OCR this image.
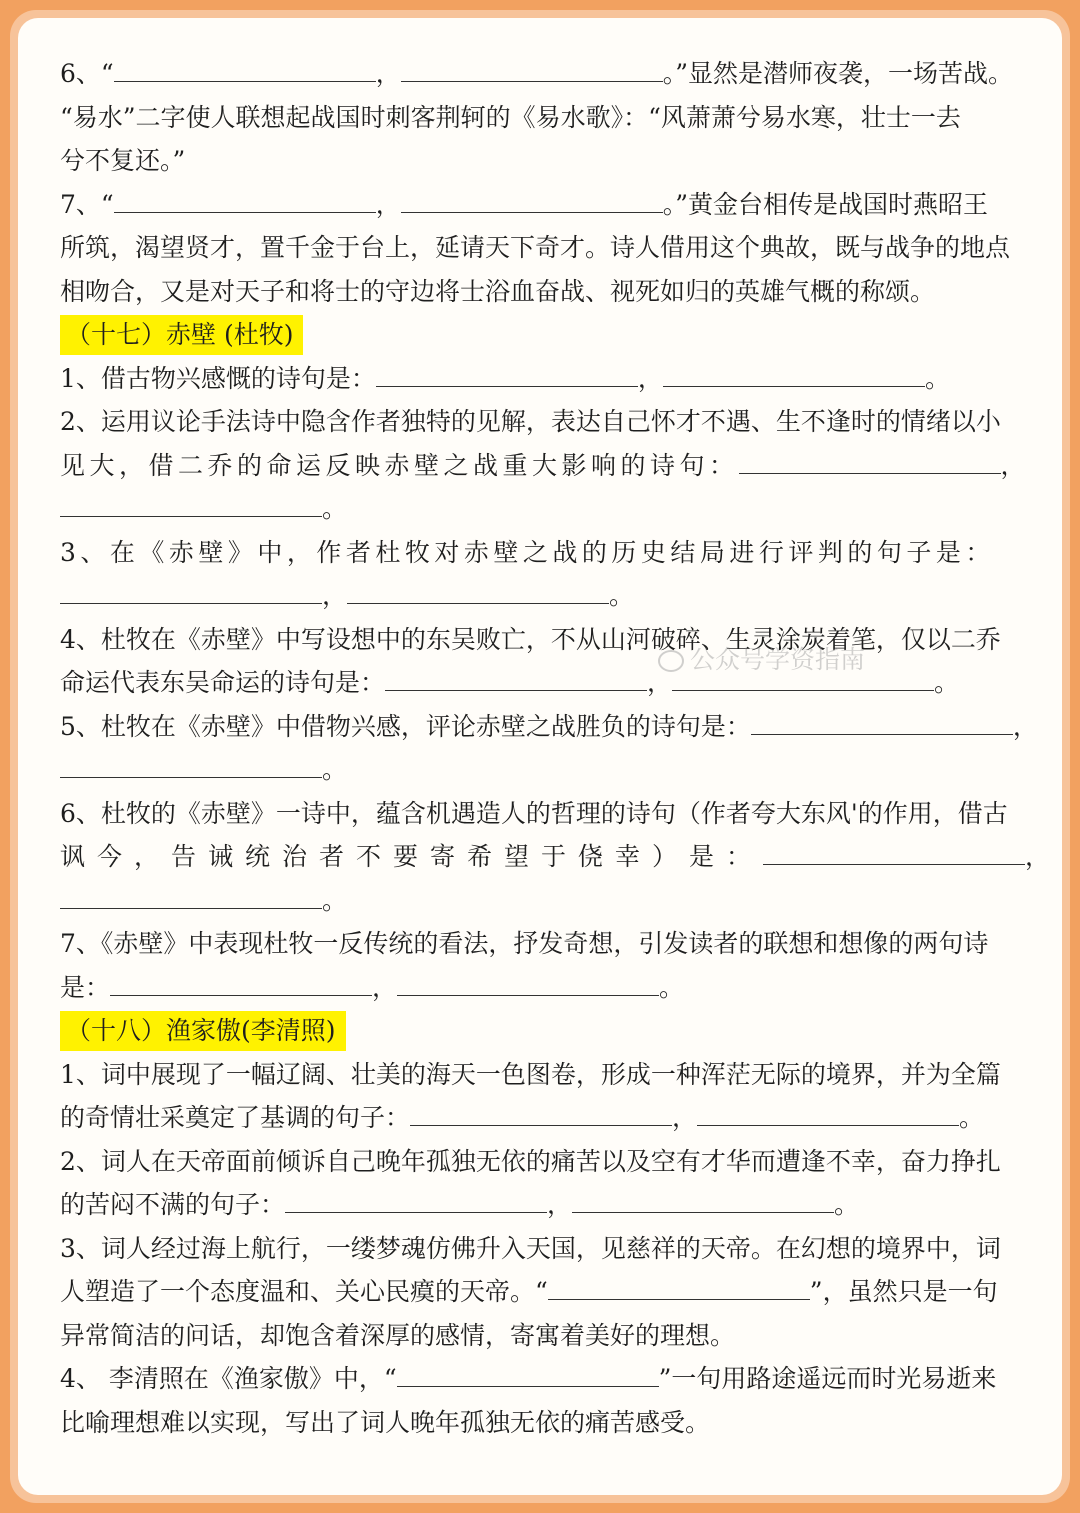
6、“	，	。”显然是潜师夜袭，一场苦战。
“易水”二字使人联想起战国时刺客荆轲的《易水歌》：“风萧萧兮易水寒，壮士一去
兮不复还。”
7、“	，	。”黄金台相传是战国时燕昭王
所筑，渴望贤才，置千金于台上，延请天下奇才。诗人借用这个典故，既与战争的地点
相吻合，又是对天子和将士的守边将士浴血奋战、视死如归的英雄气概的称颂。
（十七）赤壁 (杜牧)
1、借古物兴感慨的诗句是：	，	。
2、运用议论手法诗中隐含作者独特的见解，表达自己怀才不遇、生不逢时的情绪以小
见大，借二乔的命运反映赤壁之战重大影响的诗句：	，
。
3、在《赤壁》中，作者杜牧对赤壁之战的历史结局进行评判的句子是：
，	。
4、杜牧在《赤壁》中写设想中的东吴败亡，不从山河破碎、生灵涂炭着笔，仅以二乔
命运代表东吴命运的诗句是：	，	。
5、杜牧在《赤壁》中借物兴感，评论赤壁之战胜负的诗句是：	，
。
6、杜牧的《赤壁》一诗中，蕴含机遇造人的哲理的诗句（作者夸大东风'的作用，借古
讽今，告诫统治者不要寄希望于侥幸）是：	，
。
7、《赤壁》中表现杜牧一反传统的看法，抒发奇想，引发读者的联想和想像的两句诗
是：	，	。
（十八）渔家傲(李清照)
1、词中展现了一幅辽阔、壮美的海天一色图卷，形成一种浑茫无际的境界，并为全篇
的奇情壮采奠定了基调的句子：	，	。
2、词人在天帝面前倾诉自己晚年孤独无依的痛苦以及空有才华而遭逢不幸，奋力挣扎
的苦闷不满的句子：	，	。
3、词人经过海上航行，一缕梦魂仿佛升入天国，见慈祥的天帝。在幻想的境界中，词
人塑造了一个态度温和、关心民瘼的天帝。“	”，虽然只是一句
异常简洁的问话，却饱含着深厚的感情，寄寓着美好的理想。
4、 李清照在《渔家傲》中，“	”一句用路途遥远而时光易逝来
比喻理想难以实现，写出了词人晚年孤独无依的痛苦感受。
公众号学资指南
